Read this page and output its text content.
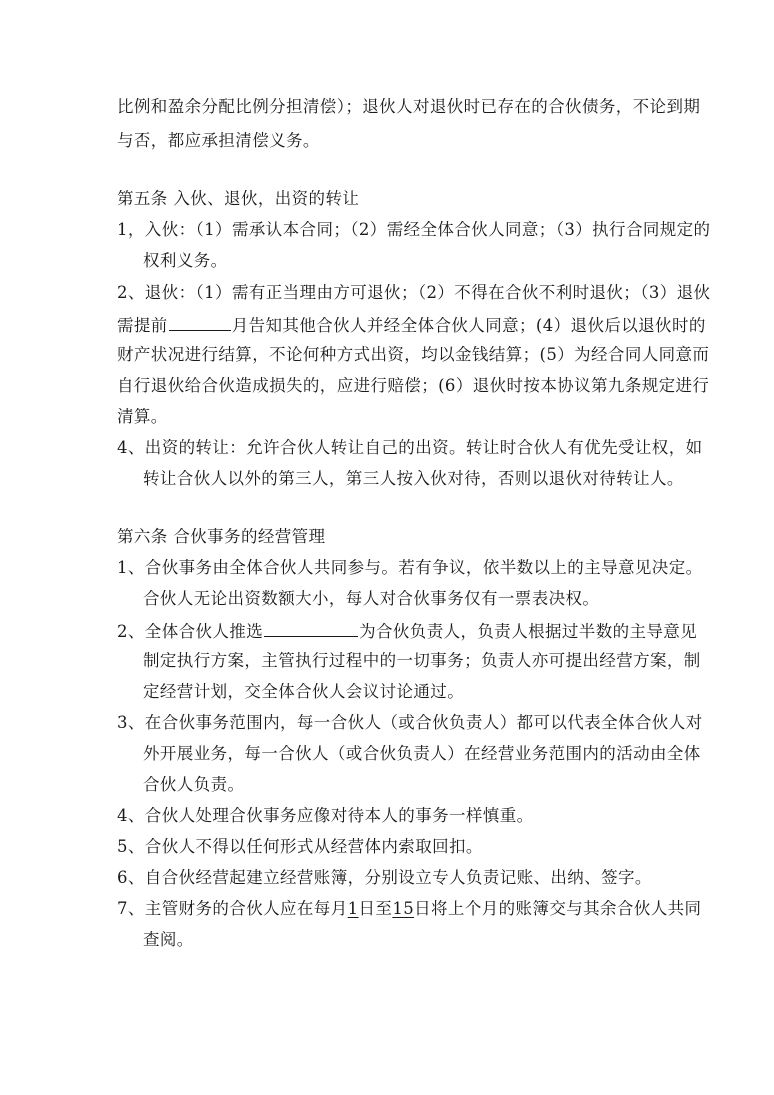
比例和盈余分配比例分担清偿）；退伙人对退伙时已存在的合伙债务，不论到期
与否，都应承担清偿义务。
第五条 入伙、退伙，出资的转让
1，入伙：（1）需承认本合同；（2）需经全体合伙人同意；（3）执行合同规定的
权利义务。
2、退伙：（1）需有正当理由方可退伙；（2）不得在合伙不利时退伙；（3）退伙
需提前	月告知其他合伙人并经全体合伙人同意；(4）退伙后以退伙时的
财产状况进行结算，不论何种方式出资，均以金钱结算；(5）为经合同人同意而
自行退伙给合伙造成损失的，应进行赔偿；(6）退伙时按本协议第九条规定进行
清算。
4、出资的转让：允许合伙人转让自己的出资。转让时合伙人有优先受让权，如
转让合伙人以外的第三人，第三人按入伙对待，否则以退伙对待转让人。
第六条 合伙事务的经营管理
1、合伙事务由全体合伙人共同参与。若有争议，依半数以上的主导意见决定。
合伙人无论出资数额大小，每人对合伙事务仅有一票表决权。
2、全体合伙人推选	为合伙负责人，负责人根据过半数的主导意见
制定执行方案，主管执行过程中的一切事务；负责人亦可提出经营方案，制
定经营计划，交全体合伙人会议讨论通过。
3、在合伙事务范围内，每一合伙人（或合伙负责人）都可以代表全体合伙人对
外开展业务，每一合伙人（或合伙负责人）在经营业务范围内的活动由全体
合伙人负责。
4、合伙人处理合伙事务应像对待本人的事务一样慎重。
5、合伙人不得以任何形式从经营体内索取回扣。
6、自合伙经营起建立经营账簿，分别设立专人负责记账、出纳、签字。
7、主管财务的合伙人应在每月1日至15日将上个月的账簿交与其余合伙人共同
查阅。
